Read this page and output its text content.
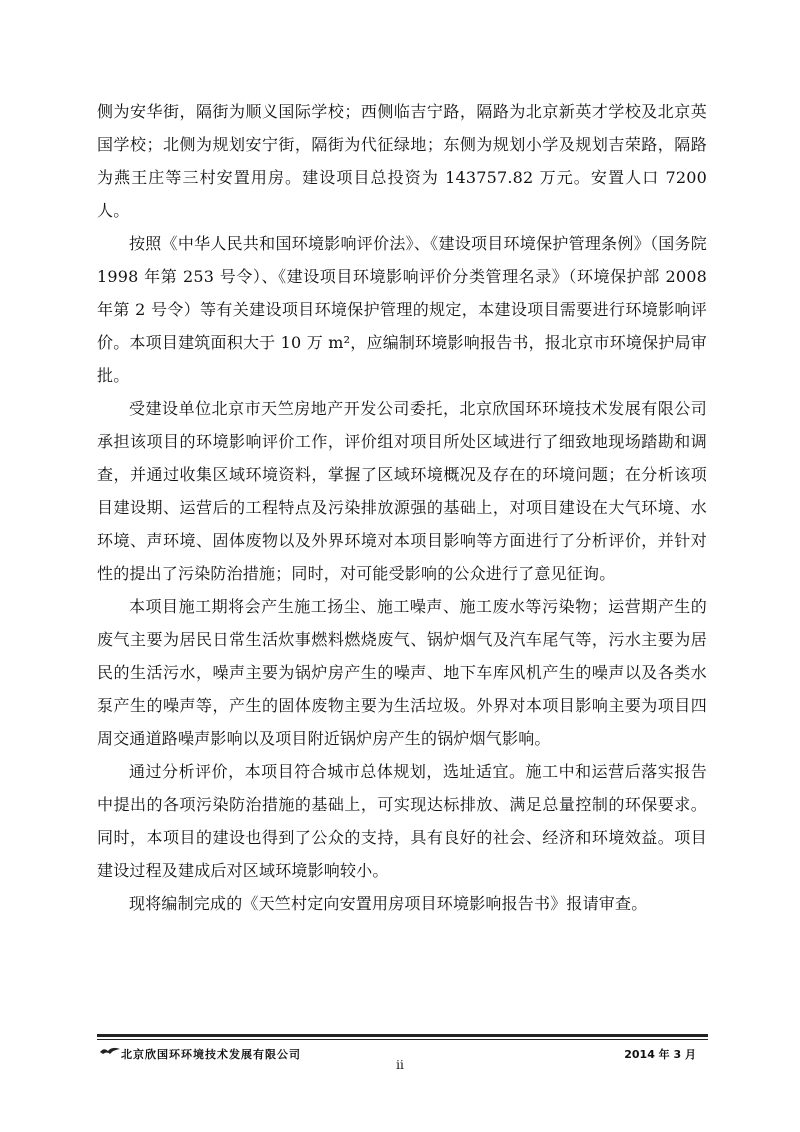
侧为安华街，隔街为顺义国际学校；西侧临吉宁路，隔路为北京新英才学校及北京英国学校；北侧为规划安宁街，隔街为代征绿地；东侧为规划小学及规划吉荣路，隔路为燕王庄等三村安置用房。建设项目总投资为 143757.82 万元。安置人口 7200 人。

按照《中华人民共和国环境影响评价法》、《建设项目环境保护管理条例》（国务院 1998 年第 253 号令）、《建设项目环境影响评价分类管理名录》（环境保护部 2008 年第 2 号令）等有关建设项目环境保护管理的规定，本建设项目需要进行环境影响评价。本项目建筑面积大于 10 万 m²，应编制环境影响报告书，报北京市环境保护局审批。

受建设单位北京市天竺房地产开发公司委托，北京欣国环环境技术发展有限公司承担该项目的环境影响评价工作，评价组对项目所处区域进行了细致地现场踏勘和调查，并通过收集区域环境资料，掌握了区域环境概况及存在的环境问题；在分析该项目建设期、运营后的工程特点及污染排放源强的基础上，对项目建设在大气环境、水环境、声环境、固体废物以及外界环境对本项目影响等方面进行了分析评价，并针对性的提出了污染防治措施；同时，对可能受影响的公众进行了意见征询。

本项目施工期将会产生施工扬尘、施工噪声、施工废水等污染物；运营期产生的废气主要为居民日常生活炊事燃料燃烧废气、锅炉烟气及汽车尾气等，污水主要为居民的生活污水，噪声主要为锅炉房产生的噪声、地下车库风机产生的噪声以及各类水泵产生的噪声等，产生的固体废物主要为生活垃圾。外界对本项目影响主要为项目四周交通道路噪声影响以及项目附近锅炉房产生的锅炉烟气影响。

通过分析评价，本项目符合城市总体规划，选址适宜。施工中和运营后落实报告中提出的各项污染防治措施的基础上，可实现达标排放、满足总量控制的环保要求。同时，本项目的建设也得到了公众的支持，具有良好的社会、经济和环境效益。项目建设过程及建成后对区域环境影响较小。

现将编制完成的《天竺村定向安置用房项目环境影响报告书》报请审查。

北京欣国环环境技术发展有限公司	2014 年 3 月
ii
